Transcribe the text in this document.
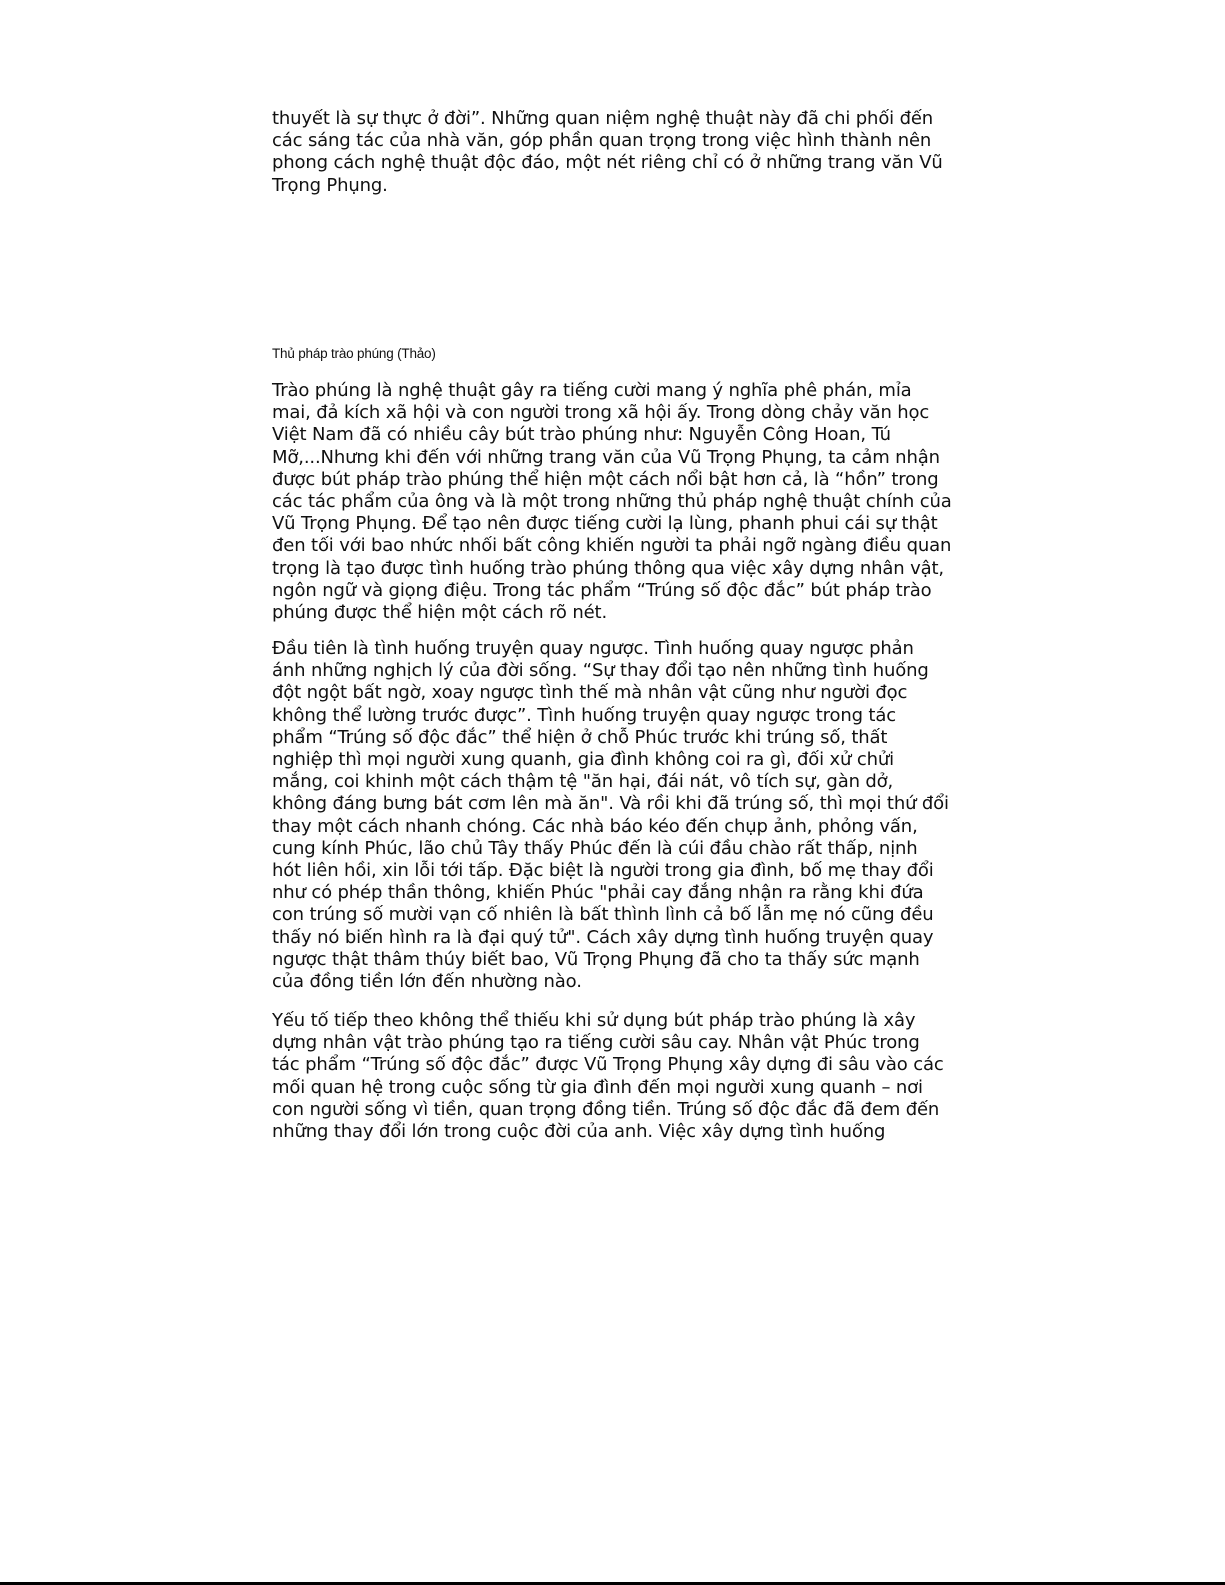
thuyết là sự thực ở đời”. Những quan niệm nghệ thuật này đã chi phối đến các sáng tác của nhà văn, góp phần quan trọng trong việc hình thành nên phong cách nghệ thuật độc đáo, một nét riêng chỉ có ở những trang văn Vũ Trọng Phụng.
Thủ pháp trào phúng (Thảo)
Trào phúng là nghệ thuật gây ra tiếng cười mang ý nghĩa phê phán, mỉa mai, đả kích xã hội và con người trong xã hội ấy. Trong dòng chảy văn học Việt Nam đã có nhiều cây bút trào phúng như: Nguyễn Công Hoan, Tú Mỡ,...Nhưng khi đến với những trang văn của Vũ Trọng Phụng, ta cảm nhận được bút pháp trào phúng thể hiện một cách nổi bật hơn cả, là “hồn” trong các tác phẩm của ông và là một trong những thủ pháp nghệ thuật chính của Vũ Trọng Phụng. Để tạo nên được tiếng cười lạ lùng, phanh phui cái sự thật đen tối với bao nhức nhối bất công khiến người ta phải ngỡ ngàng điều quan trọng là tạo được tình huống trào phúng thông qua việc xây dựng nhân vật, ngôn ngữ và giọng điệu. Trong tác phẩm “Trúng số độc đắc” bút pháp trào phúng được thể hiện một cách rõ nét.
Đầu tiên là tình huống truyện quay ngược. Tình huống quay ngược phản ánh những nghịch lý của đời sống. “Sự thay đổi tạo nên những tình huống đột ngột bất ngờ, xoay ngược tình thế mà nhân vật cũng như người đọc không thể lường trước được”. Tình huống truyện quay ngược trong tác phẩm “Trúng số độc đắc” thể hiện ở chỗ Phúc trước khi trúng số, thất nghiệp thì mọi người xung quanh, gia đình không coi ra gì, đối xử chửi mắng, coi khinh một cách thậm tệ "ăn hại, đái nát, vô tích sự, gàn dở, không đáng bưng bát cơm lên mà ăn". Và rồi khi đã trúng số, thì mọi thứ đổi thay một cách nhanh chóng. Các nhà báo kéo đến chụp ảnh, phỏng vấn, cung kính Phúc, lão chủ Tây thấy Phúc đến là cúi đầu chào rất thấp, nịnh hót liên hồi, xin lỗi tới tấp. Đặc biệt là người trong gia đình, bố mẹ thay đổi như có phép thần thông, khiến Phúc "phải cay đắng nhận ra rằng khi đứa con trúng số mười vạn cố nhiên là bất thình lình cả bố lẫn mẹ nó cũng đều thấy nó biến hình ra là đại quý tử". Cách xây dựng tình huống truyện quay ngược thật thâm thúy biết bao, Vũ Trọng Phụng đã cho ta thấy sức mạnh của đồng tiền lớn đến nhường nào.
Yếu tố tiếp theo không thể thiếu khi sử dụng bút pháp trào phúng là xây dựng nhân vật trào phúng tạo ra tiếng cười sâu cay. Nhân vật Phúc trong tác phẩm “Trúng số độc đắc” được Vũ Trọng Phụng xây dựng đi sâu vào các mối quan hệ trong cuộc sống từ gia đình đến mọi người xung quanh – nơi con người sống vì tiền, quan trọng đồng tiền. Trúng số độc đắc đã đem đến những thay đổi lớn trong cuộc đời của anh. Việc xây dựng tình huống
